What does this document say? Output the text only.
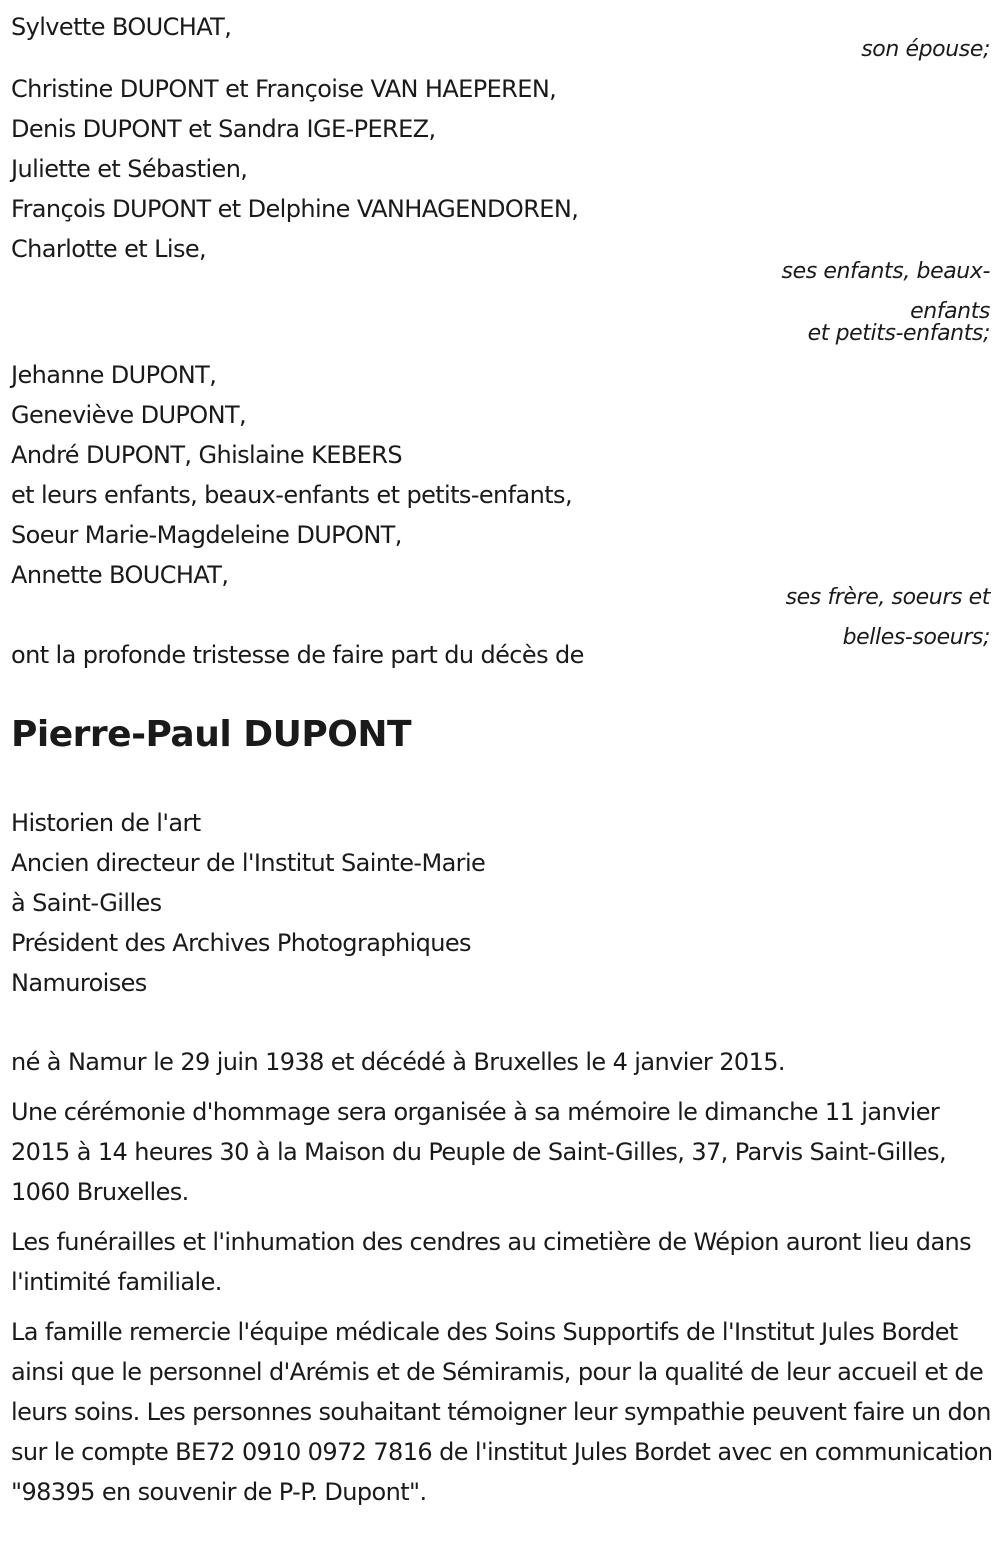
Sylvette BOUCHAT,
son épouse;
Christine DUPONT et Françoise VAN HAEPEREN,
Denis DUPONT et Sandra IGE-PEREZ,
Juliette et Sébastien,
François DUPONT et Delphine VANHAGENDOREN,
Charlotte et Lise,
ses enfants, beaux-
enfants
et petits-enfants;
Jehanne DUPONT,
Geneviève DUPONT,
André DUPONT, Ghislaine KEBERS
et leurs enfants, beaux-enfants et petits-enfants,
Soeur Marie-Magdeleine DUPONT,
Annette BOUCHAT,
ses frère, soeurs et
belles-soeurs;
ont la profonde tristesse de faire part du décès de
Pierre-Paul DUPONT
Historien de l'art
Ancien directeur de l'Institut Sainte-Marie
à Saint-Gilles
Président des Archives Photographiques
Namuroises
né à Namur le 29 juin 1938 et décédé à Bruxelles le 4 janvier 2015.
Une cérémonie d'hommage sera organisée à sa mémoire le dimanche 11 janvier 2015 à 14 heures 30 à la Maison du Peuple de Saint-Gilles, 37, Parvis Saint-Gilles, 1060 Bruxelles.
Les funérailles et l'inhumation des cendres au cimetière de Wépion auront lieu dans l'intimité familiale.
La famille remercie l'équipe médicale des Soins Supportifs de l'Institut Jules Bordet ainsi que le personnel d'Arémis et de Sémiramis, pour la qualité de leur accueil et de leurs soins. Les personnes souhaitant témoigner leur sympathie peuvent faire un don sur le compte BE72 0910 0972 7816 de l'institut Jules Bordet avec en communication "98395 en souvenir de P-P. Dupont".
